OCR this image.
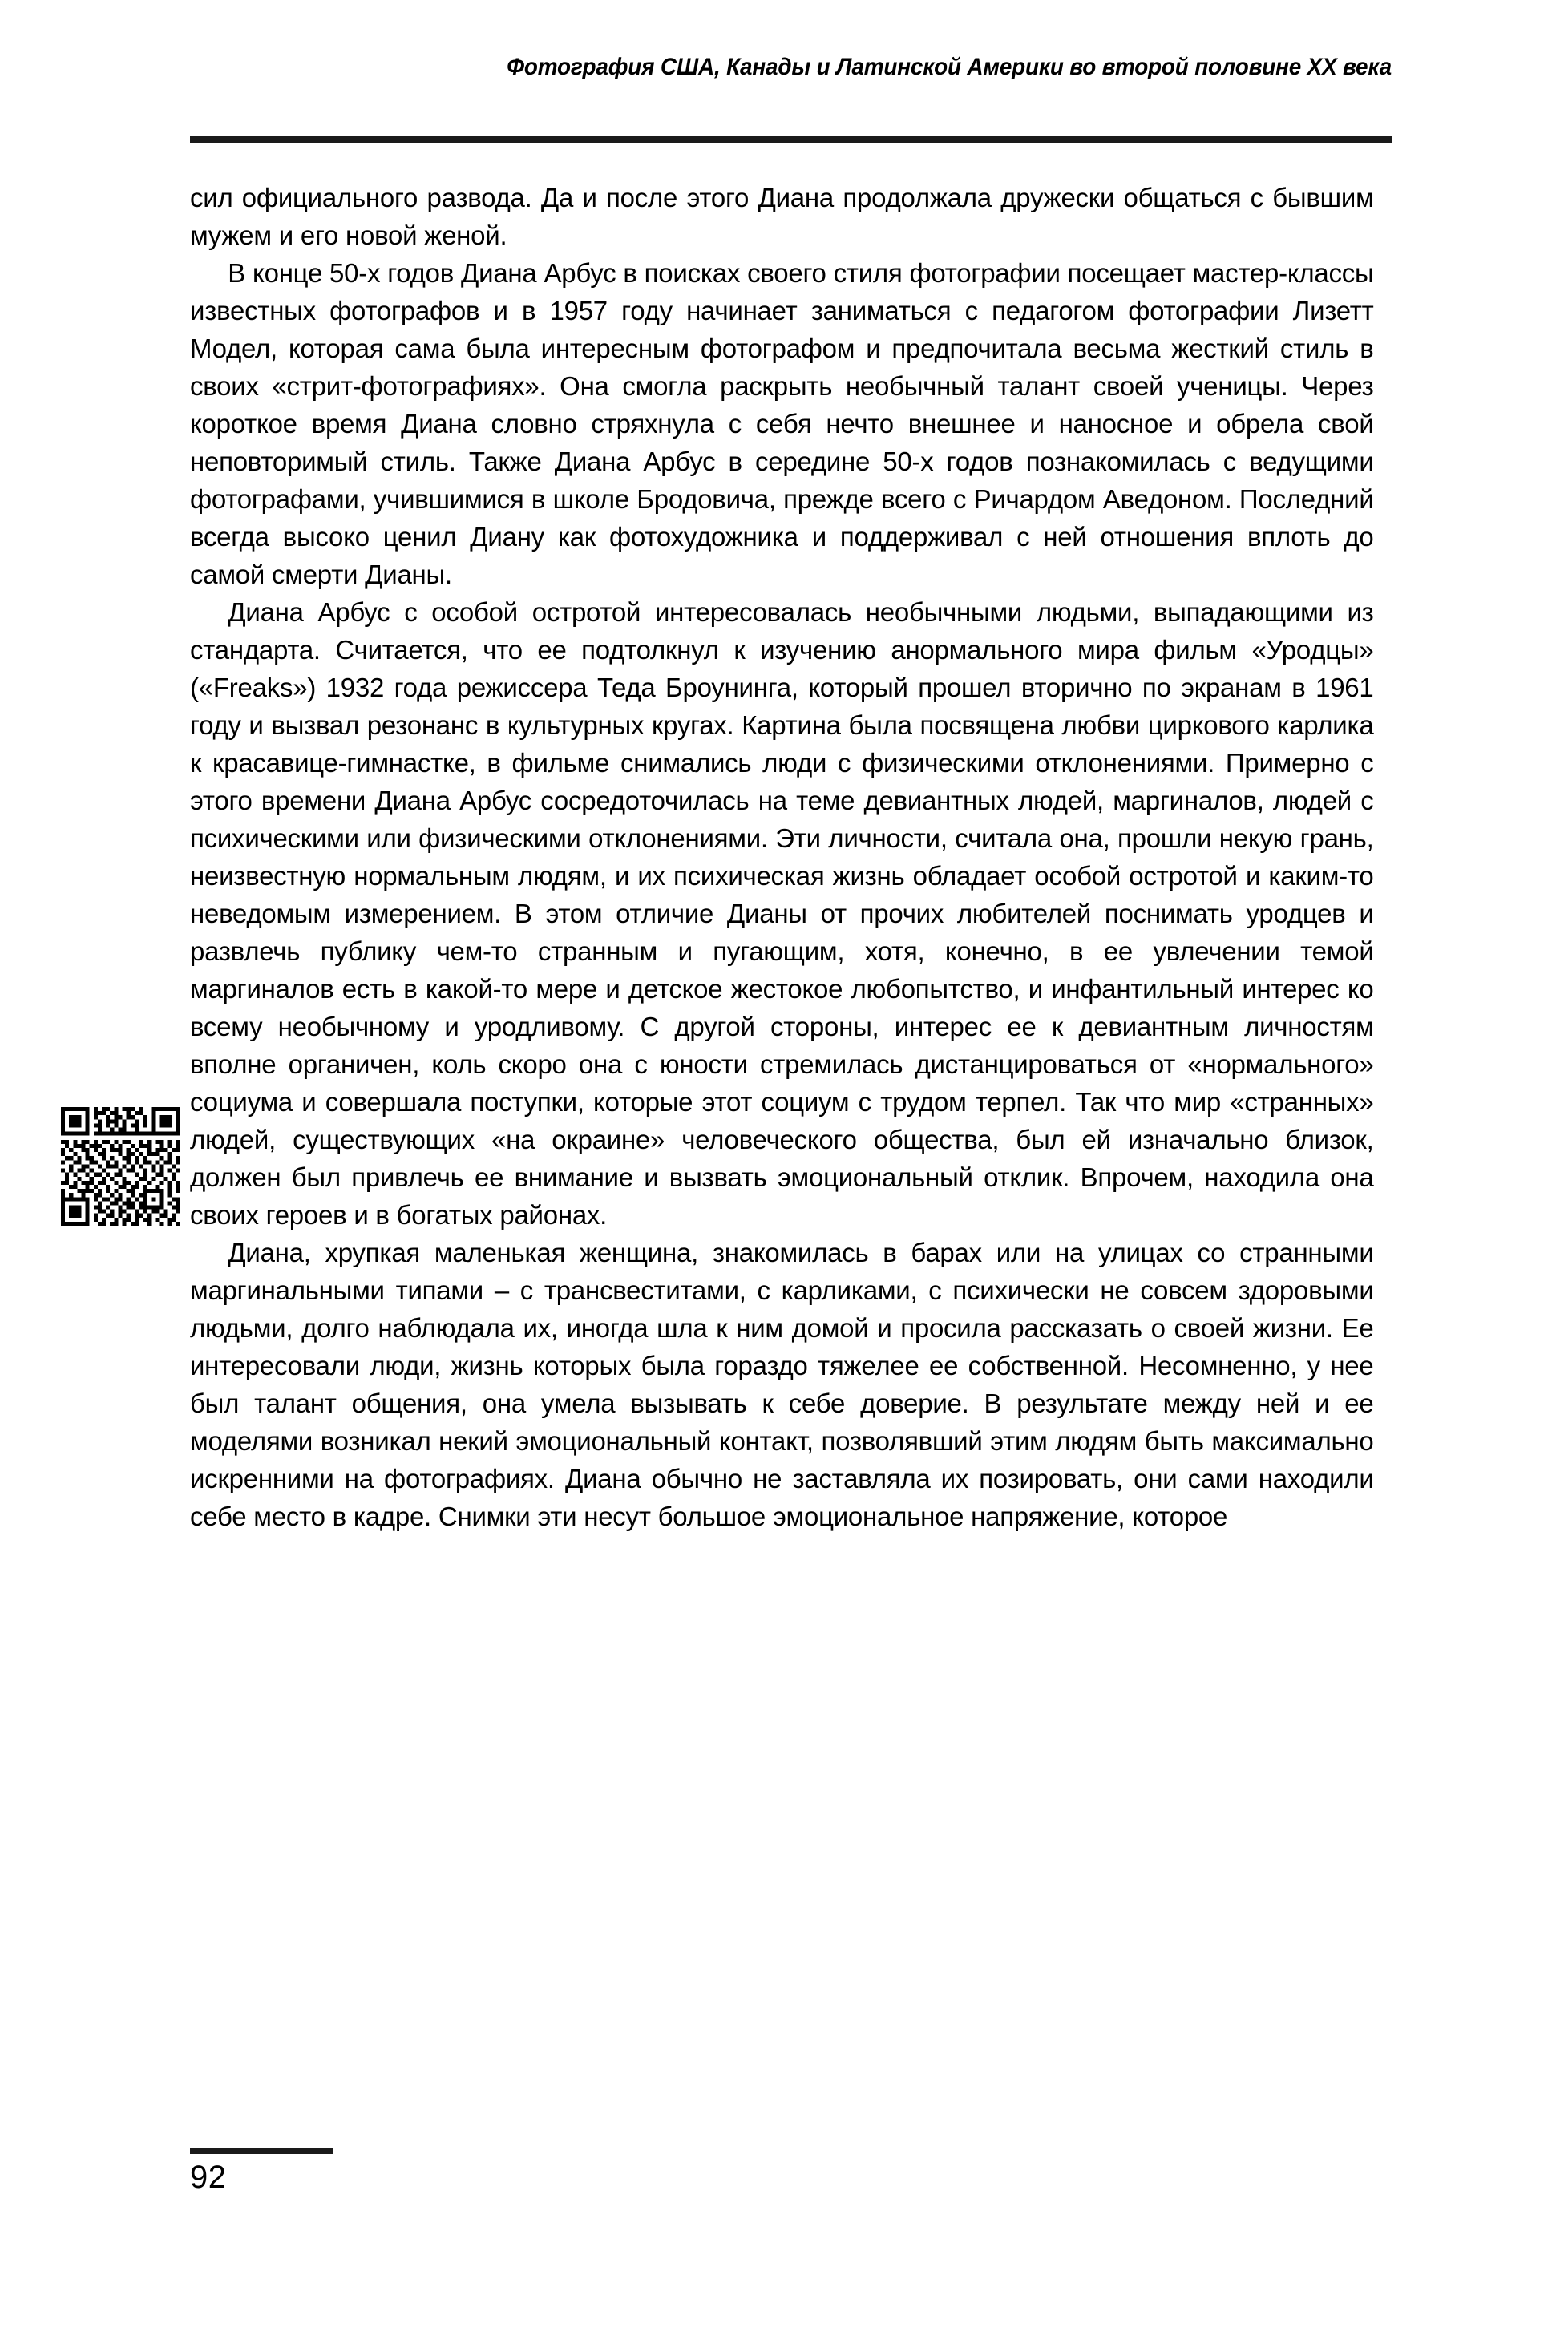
Фотография США, Канады и Латинской Америки во второй половине XX века

сил официального развода. Да и после этого Диана продолжала дружески общаться с бывшим мужем и его новой женой.

В конце 50-х годов Диана Арбус в поисках своего стиля фотографии посещает мастер-классы известных фотографов и в 1957 году начинает заниматься с педагогом фотографии Лизетт Модел, которая сама была интересным фотографом и предпочитала весьма жесткий стиль в своих «стрит-фотографиях». Она смогла раскрыть необычный талант своей ученицы. Через короткое время Диана словно стряхнула с себя нечто внешнее и наносное и обрела свой неповторимый стиль. Также Диана Арбус в середине 50-х годов познакомилась с ведущими фотографами, учившимися в школе Бродовича, прежде всего с Ричардом Аведоном. Последний всегда высоко ценил Диану как фотохудожника и поддерживал с ней отношения вплоть до самой смерти Дианы.

Диана Арбус с особой остротой интересовалась необычными людьми, выпадающими из стандарта. Считается, что ее подтолкнул к изучению анормального мира фильм «Уродцы» («Freaks») 1932 года режиссера Теда Броунинга, который прошел вторично по экранам в 1961 году и вызвал резонанс в культурных кругах. Картина была посвящена любви циркового карлика к красавице-гимнастке, в фильме снимались люди с физическими отклонениями. Примерно с этого времени Диана Арбус сосредоточилась на теме девиантных людей, маргиналов, людей с психическими или физическими отклонениями. Эти личности, считала она, прошли некую грань, неизвестную нормальным людям, и их психическая жизнь обладает особой остротой и каким-то неведомым измерением. В этом отличие Дианы от прочих любителей поснимать уродцев и развлечь публику чем-то странным и пугающим, хотя, конечно, в ее увлечении темой маргиналов есть в какой-то мере и детское жестокое любопытство, и инфантильный интерес ко всему необычному и уродливому. С другой стороны, интерес ее к девиантным личностям вполне органичен, коль скоро она с юности стремилась дистанцироваться от «нормального» социума и совершала поступки, которые этот социум с трудом терпел. Так что мир «странных» людей, существующих «на окраине» человеческого общества, был ей изначально близок, должен был привлечь ее внимание и вызвать эмоциональный отклик. Впрочем, находила она своих героев и в богатых районах.

Диана, хрупкая маленькая женщина, знакомилась в барах или на улицах со странными маргинальными типами – с трансвеститами, с карликами, с психически не совсем здоровыми людьми, долго наблюдала их, иногда шла к ним домой и просила рассказать о своей жизни. Ее интересовали люди, жизнь которых была гораздо тяжелее ее собственной. Несомненно, у нее был талант общения, она умела вызывать к себе доверие. В результате между ней и ее моделями возникал некий эмоциональный контакт, позволявший этим людям быть максимально искренними на фотографиях. Диана обычно не заставляла их позировать, они сами находили себе место в кадре. Снимки эти несут большое эмоциональное напряжение, которое

92
